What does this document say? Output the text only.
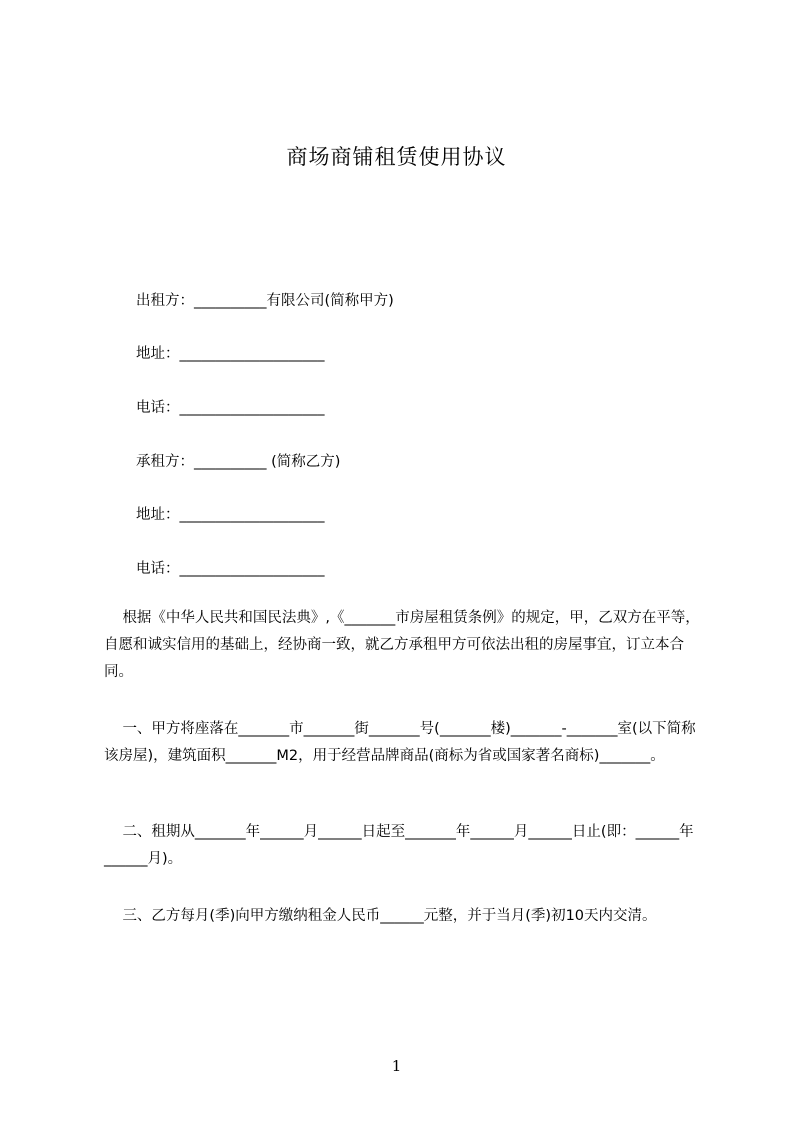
商场商铺租赁使用协议
出租方：__________有限公司(简称甲方)
地址：____________________
电话：____________________
承租方：__________ (简称乙方)
地址：____________________
电话：____________________
根据《中华人民共和国民法典》,《_______市房屋租赁条例》的规定，甲，乙双方在平等，自愿和诚实信用的基础上，经协商一致，就乙方承租甲方可依法出租的房屋事宜，订立本合同。
一、甲方将座落在_______市_______街_______号(_______楼)_______-_______室(以下简称该房屋)，建筑面积_______M2，用于经营品牌商品(商标为省或国家著名商标)_______。
二、租期从_______年______月______日起至_______年______月______日止(即：______年______月)。
三、乙方每月(季)向甲方缴纳租金人民币______元整，并于当月(季)初10天内交清。
1
